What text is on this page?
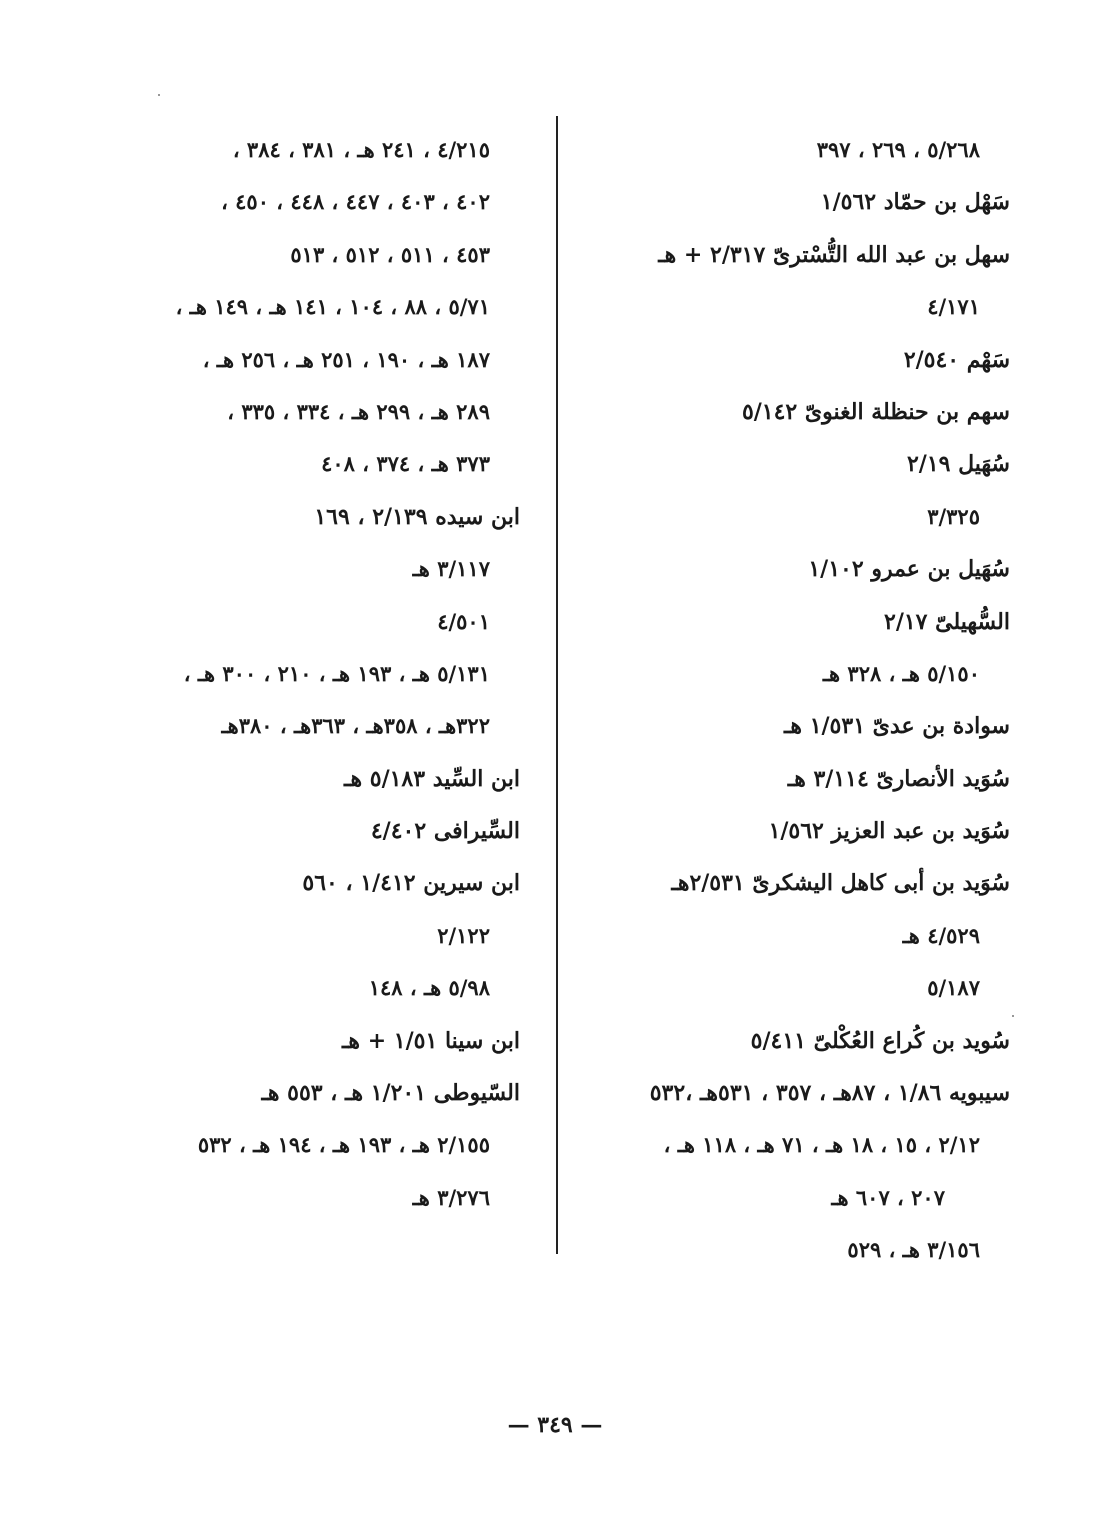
٥/٢٦٨ ، ٢٦٩ ، ٣٩٧
سَهْل بن حمّاد ١/٥٦٢
سهل بن عبد الله التُّسْترىّ ٢/٣١٧ + هـ
٤/١٧١
سَهْم ٢/٥٤٠
سهم بن حنظلة الغنوىّ ٥/١٤٢
سُهَيل ٢/١٩
٣/٣٢٥
سُهَيل بن عمرو ١/١٠٢
السُّهيلىّ ٢/١٧
٥/١٥٠ هـ ، ٣٢٨ هـ
سوادة بن عدىّ ١/٥٣١ هـ
سُوَيد الأنصارىّ ٣/١١٤ هـ
سُوَيد بن عبد العزيز ١/٥٦٢
سُوَيد بن أبى كاهل اليشكرىّ ٢/٥٣١هـ
٤/٥٢٩ هـ
٥/١٨٧
سُويد بن كُراع العُكْلىّ ٥/٤١١
سيبويه ١/٨٦ ، ٨٧هـ ، ٣٥٧ ، ٥٣١هـ ،٥٣٢
٢/١٢ ، ١٥ ، ١٨ هـ ، ٧١ هـ ، ١١٨ هـ ،
٢٠٧ ، ٦٠٧ هـ
٣/١٥٦ هـ ، ٥٢٩
٤/٢١٥ ، ٢٤١ هـ ، ٣٨١ ، ٣٨٤ ،
٤٠٢ ، ٤٠٣ ، ٤٤٧ ، ٤٤٨ ، ٤٥٠ ،
٤٥٣ ، ٥١١ ، ٥١٢ ، ٥١٣
٥/٧١ ، ٨٨ ، ١٠٤ ، ١٤١ هـ ، ١٤٩ هـ ،
١٨٧ هـ ، ١٩٠ ، ٢٥١ هـ ، ٢٥٦ هـ ،
٢٨٩ هـ ، ٢٩٩ هـ ، ٣٣٤ ، ٣٣٥ ،
٣٧٣ هـ ، ٣٧٤ ، ٤٠٨
ابن سيده ٢/١٣٩ ، ١٦٩
٣/١١٧ هـ
٤/٥٠١
٥/١٣١ هـ ، ١٩٣ هـ ، ٢١٠ ، ٣٠٠ هـ ،
٣٢٢هـ ، ٣٥٨هـ ، ٣٦٣هـ ، ٣٨٠هـ
ابن السِّيد ٥/١٨٣ هـ
السِّيرافى ٤/٤٠٢
ابن سيرين ١/٤١٢ ، ٥٦٠
٢/١٢٢
٥/٩٨ هـ ، ١٤٨
ابن سينا ١/٥١ + هـ
السّيوطى ١/٢٠١ هـ ، ٥٥٣ هـ
٢/١٥٥ هـ ، ١٩٣ هـ ، ١٩٤ هـ ، ٥٣٢
٣/٢٧٦ هـ
— ٣٤٩ —
